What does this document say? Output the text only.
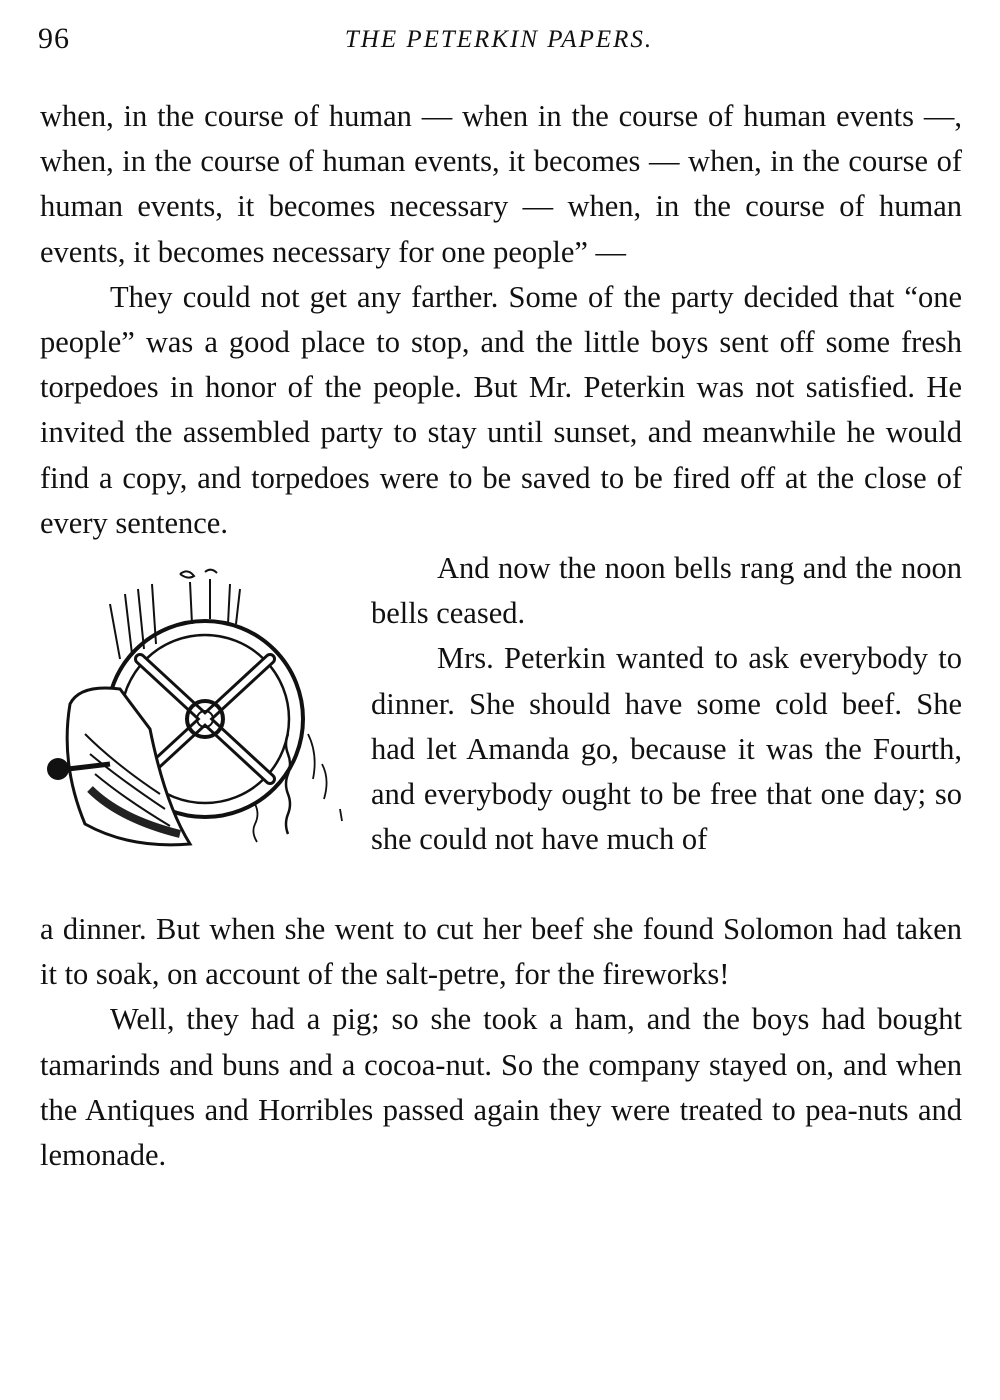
96	THE PETERKIN PAPERS.

when, in the course of human — when in the course of human events —, when, in the course of human events, it becomes — when, in the course of human events, it becomes necessary — when, in the course of human events, it becomes necessary for one people” —

They could not get any farther. Some of the party decided that “one people” was a good place to stop, and the little boys sent off some fresh torpedoes in honor of the people. But Mr. Peterkin was not satisfied. He invited the assembled party to stay until sunset, and meanwhile he would find a copy, and torpedoes were to be saved to be fired off at the close of every sentence.

And now the noon bells rang and the noon bells ceased.

Mrs. Peterkin wanted to ask everybody to dinner. She should have some cold beef. She had let Amanda go, because it was the Fourth, and everybody ought to be free that one day; so she could not have much of

a dinner. But when she went to cut her beef she found Solomon had taken it to soak, on account of the salt-petre, for the fireworks!

Well, they had a pig; so she took a ham, and the boys had bought tamarinds and buns and a cocoa-nut. So the company stayed on, and when the Antiques and Horribles passed again they were treated to pea-nuts and lemonade.
